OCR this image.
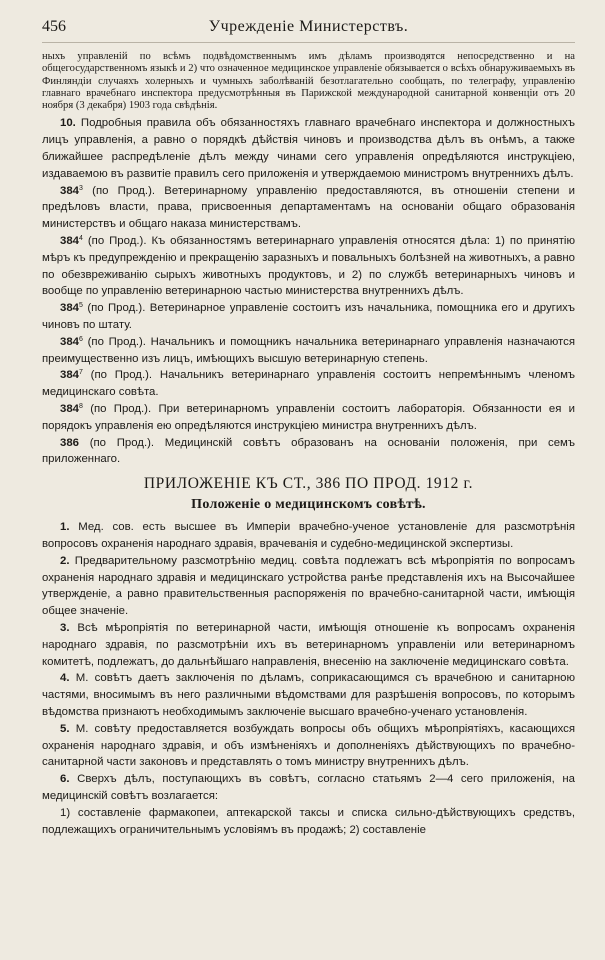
456	Учрежденiе Министерствъ.

ныхъ управленій по всѣмъ подвѣдомственнымъ имъ дѣламъ производятся непосредственно и на общегосударственномъ языкѣ и 2) что означенное медицинское управленіе обязывается о всѣхъ обнаруживаемыхъ въ Финляндіи случаяхъ холерныхъ и чумныхъ заболѣваній безотлагательно сообщать, по телеграфу, управленію главнаго врачебнаго инспектора предусмотрѣнныя въ Парижской международной санитарной конвенціи отъ 20 ноября (3 декабря) 1903 года свѣдѣнія.

10. Подробныя правила объ обязанностяхъ главнаго врачебнаго инспектора и должностныхъ лицъ управленія, а равно о порядкѣ дѣйствія чиновъ и производства дѣлъ въ онѣмъ, а также ближайшее распредѣленіе дѣлъ между чинами сего управленія опредѣляются инструкціею, издаваемою въ развитіе правилъ сего приложенія и утверждаемою министромъ внутреннихъ дѣлъ.

$384^3$ (по Прод.). Ветеринарному управленію предоставляются, въ отношеніи степени и предѣловъ власти, права, присвоенныя департаментамъ на основаніи общаго образованія министерствъ и общаго наказа министерствамъ.

$384^4$ (по Прод.). Къ обязанностямъ ветеринарнаго управленія относятся дѣла: 1) по принятію мѣръ къ предупрежденію и прекращенію заразныхъ и повальныхъ болѣзней на животныхъ, а равно по обезвреживанію сырыхъ животныхъ продуктовъ, и 2) по службѣ ветеринарныхъ чиновъ и вообще по управленію ветеринарною частью министерства внутреннихъ дѣлъ.

$384^5$ (по Прод.). Ветеринарное управленіе состоитъ изъ начальника, помощника его и другихъ чиновъ по штату.

$384^6$ (по Прод.). Начальникъ и помощникъ начальника ветеринарнаго управленія назначаются преимущественно изъ лицъ, имѣющихъ высшую ветеринарную степень.

$384^7$ (по Прод.). Начальникъ ветеринарнаго управленія состоитъ непремѣннымъ членомъ медицинскаго совѣта.

$384^8$ (по Прод.). При ветеринарномъ управленіи состоитъ лабораторія. Обязанности ея и порядокъ управленія ею опредѣляются инструкціею министра внутреннихъ дѣлъ.

386 (по Прод.). Медицинскій совѣтъ образованъ на основаніи положенія, при семъ приложеннаго.

ПРИЛОЖЕНІЕ КЪ СТ., 386 ПО ПРОД. 1912 г.
Положеніе о медицинскомъ совѣтѣ.

1. Мед. сов. есть высшее въ Имперіи врачебно-ученое установленіе для разсмотрѣнія вопросовъ охраненія народнаго здравія, врачеванія и судебно-медицинской экспертизы.

2. Предварительному разсмотрѣнію медиц. совѣта подлежатъ всѣ мѣропріятія по вопросамъ охраненія народнаго здравія и медицинскаго устройства ранѣе представленія ихъ на Высочайшее утвержденіе, а равно правительственныя распоряженія по врачебно-санитарной части, имѣющія общее значеніе.

3. Всѣ мѣропріятія по ветеринарной части, имѣющія отношеніе къ вопросамъ охраненія народнаго здравія, по разсмотрѣніи ихъ въ ветеринарномъ управленіи или ветеринарномъ комитетѣ, подлежатъ, до дальнѣйшаго направленія, внесенію на заключеніе медицинскаго совѣта.

4. М. совѣтъ даетъ заключенія по дѣламъ, соприкасающимся съ врачебною и санитарною частями, вносимымъ въ него различными вѣдомствами для разрѣшенія вопросовъ, по которымъ вѣдомства признаютъ необходимымъ заключеніе высшаго врачебно-ученаго установленія.

5. М. совѣту предоставляется возбуждать вопросы объ общихъ мѣропріятіяхъ, касающихся охраненія народнаго здравія, и объ измѣненіяхъ и дополненіяхъ дѣйствующихъ по врачебно-санитарной части законовъ и представлять о томъ министру внутреннихъ дѣлъ.

6. Сверхъ дѣлъ, поступающихъ въ совѣтъ, согласно статьямъ 2—4 сего приложенія, на медицинскій совѣтъ возлагается:

1) составленіе фармакопеи, аптекарской таксы и списка сильно-дѣйствующихъ средствъ, подлежащихъ ограничительнымъ условіямъ въ продажѣ; 2) составленіе
